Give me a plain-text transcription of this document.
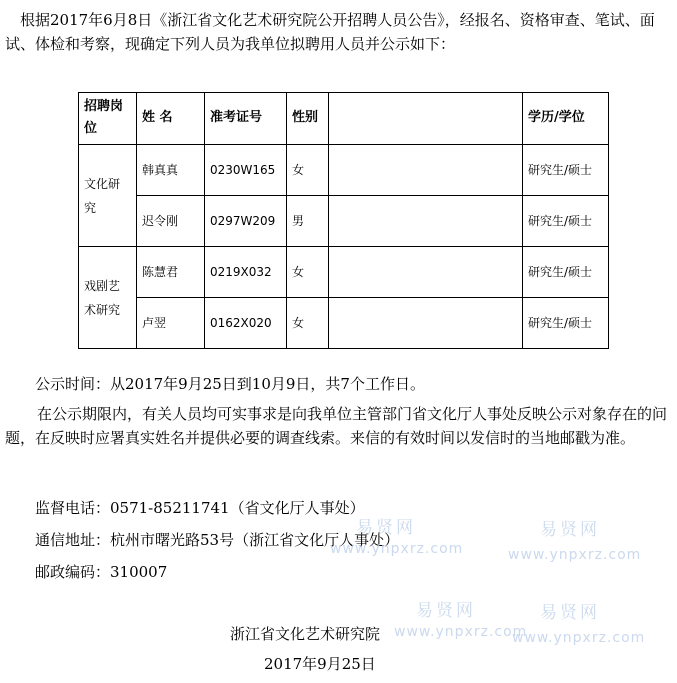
根据2017年6月8日《浙江省文化艺术研究院公开招聘人员公告》，经报名、资格审查、笔试、面试、体检和考察，现确定下列人员为我单位拟聘用人员并公示如下：

招聘岗位	姓 名	准考证号	性别			学历/学位
文化研究	韩真真	0230W165	女			研究生/硕士
	迟令刚	0297W209	男			研究生/硕士
戏剧艺术研究	陈慧君	0219X032	女			研究生/硕士
	卢翌	0162X020	女			研究生/硕士

公示时间：从2017年9月25日到10月9日，共7个工作日。

在公示期限内，有关人员均可实事求是向我单位主管部门省文化厅人事处反映公示对象存在的问题，在反映时应署真实姓名并提供必要的调查线索。来信的有效时间以发信时的当地邮戳为准。

监督电话：0571-85211741（省文化厅人事处）

通信地址：杭州市曙光路53号（浙江省文化厅人事处）

邮政编码：310007

浙江省文化艺术研究院

2017年9月25日

易贤网
www.ynpxrz.com
易贤网
www.ynpxrz.com
易贤网
www.ynpxrz.com
易贤网
www.ynpxrz.com
